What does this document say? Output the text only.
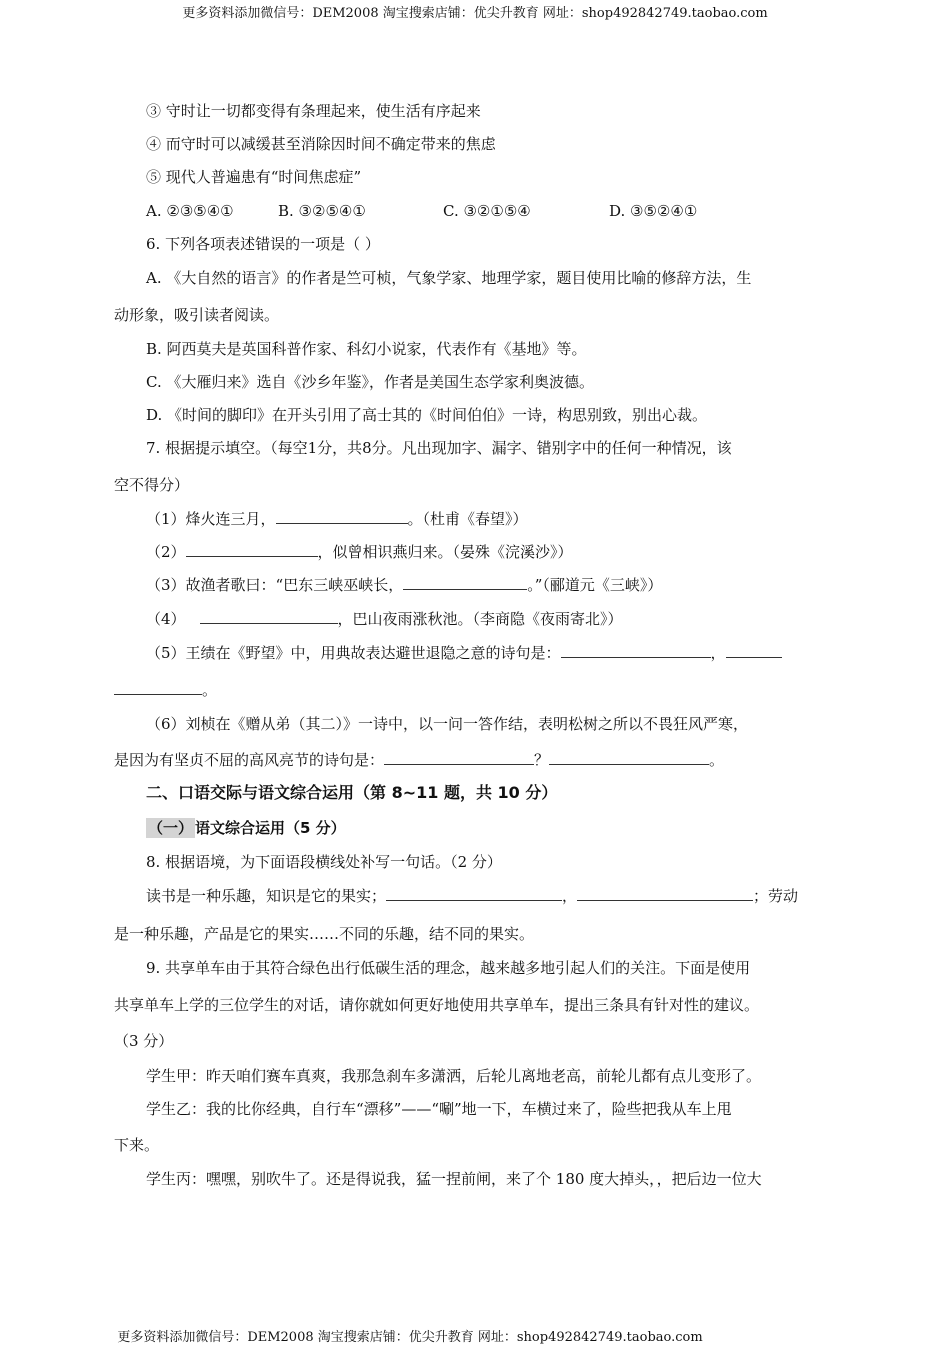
更多资料添加微信号：DEM2008 淘宝搜索店铺：优尖升教育 网址：shop492842749.taobao.com
③ 守时让一切都变得有条理起来，使生活有序起来
④ 而守时可以减缓甚至消除因时间不确定带来的焦虑
⑤ 现代人普遍患有“时间焦虑症”
A. ②③⑤④①	B. ③②⑤④①	C. ③②①⑤④	D. ③⑤②④①
6. 下列各项表述错误的一项是（ ）
A. 《大自然的语言》的作者是竺可桢，气象学家、地理学家，题目使用比喻的修辞方法，生
动形象，吸引读者阅读。
B. 阿西莫夫是英国科普作家、科幻小说家，代表作有《基地》等。
C. 《大雁归来》选自《沙乡年鉴》，作者是美国生态学家利奥波德。
D. 《时间的脚印》在开头引用了高士其的《时间伯伯》一诗，构思别致，别出心裁。
7. 根据提示填空。（每空1分，共8分。凡出现加字、漏字、错别字中的任何一种情况，该
空不得分）
（1）烽火连三月，	。（杜甫《春望》）
（2）	，似曾相识燕归来。（晏殊《浣溪沙》）
（3）故渔者歌曰：“巴东三峡巫峡长，	。”（郦道元《三峡》）
（4）	，巴山夜雨涨秋池。（李商隐《夜雨寄北》）
（5）王绩在《野望》中，用典故表达避世退隐之意的诗句是：	，
。
（6）刘桢在《赠从弟（其二）》一诗中，以一问一答作结，表明松树之所以不畏狂风严寒，
是因为有坚贞不屈的高风亮节的诗句是：	？	。
二、口语交际与语文综合运用（第 8~11 题，共 10 分）
（一） 语文综合运用（5 分）
8. 根据语境，为下面语段横线处补写一句话。（2 分）
读书是一种乐趣，知识是它的果实；	，	；劳动
是一种乐趣，产品是它的果实……不同的乐趣，结不同的果实。
9. 共享单车由于其符合绿色出行低碳生活的理念，越来越多地引起人们的关注。下面是使用
共享单车上学的三位学生的对话，请你就如何更好地使用共享单车，提出三条具有针对性的建议。
（3 分）
学生甲：昨天咱们赛车真爽，我那急刹车多潇洒，后轮儿离地老高，前轮儿都有点儿变形了。
学生乙：我的比你经典，自行车“漂移”——“唰”地一下，车横过来了，险些把我从车上甩
下来。
学生丙：嘿嘿，别吹牛了。还是得说我，猛一捏前闸，来了个 180 度大掉头，，把后边一位大
更多资料添加微信号：DEM2008 淘宝搜索店铺：优尖升教育 网址：shop492842749.taobao.com
